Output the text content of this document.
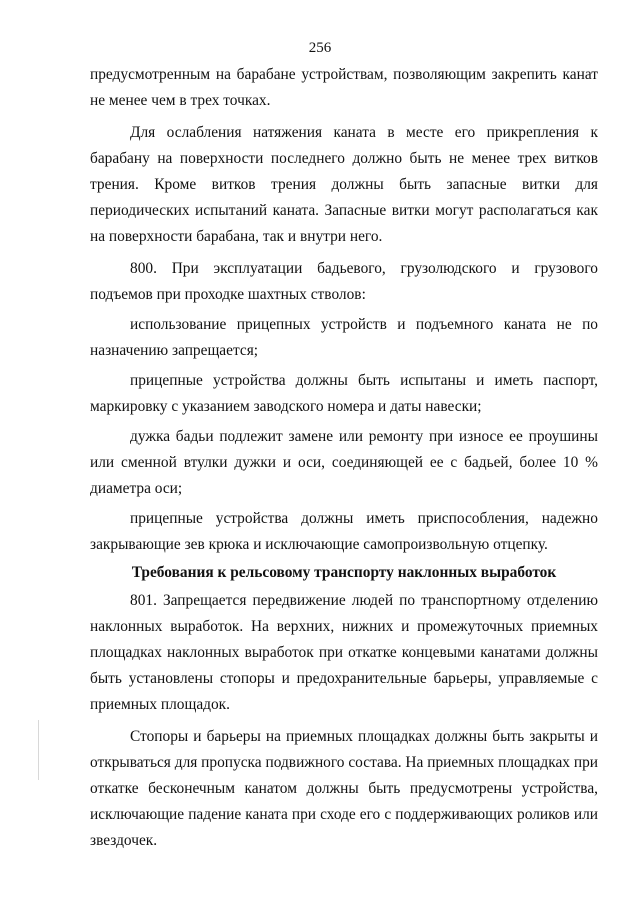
256

предусмотренным на барабане устройствам, позволяющим закрепить канат не менее чем в трех точках.

Для ослабления натяжения каната в месте его прикрепления к барабану на поверхности последнего должно быть не менее трех витков трения. Кроме витков трения должны быть запасные витки для периодических испытаний каната. Запасные витки могут располагаться как на поверхности барабана, так и внутри него.

800. При эксплуатации бадьевого, грузолюдского и грузового подъемов при проходке шахтных стволов:

использование прицепных устройств и подъемного каната не по назначению запрещается;

прицепные устройства должны быть испытаны и иметь паспорт, маркировку с указанием заводского номера и даты навески;

дужка бадьи подлежит замене или ремонту при износе ее проушины или сменной втулки дужки и оси, соединяющей ее с бадьей, более 10 % диаметра оси;

прицепные устройства должны иметь приспособления, надежно закрывающие зев крюка и исключающие самопроизвольную отцепку.

Требования к рельсовому транспорту наклонных выработок

801. Запрещается передвижение людей по транспортному отделению наклонных выработок. На верхних, нижних и промежуточных приемных площадках наклонных выработок при откатке концевыми канатами должны быть установлены стопоры и предохранительные барьеры, управляемые с приемных площадок.

Стопоры и барьеры на приемных площадках должны быть закрыты и открываться для пропуска подвижного состава. На приемных площадках при откатке бесконечным канатом должны быть предусмотрены устройства, исключающие падение каната при сходе его с поддерживающих роликов или звездочек.
